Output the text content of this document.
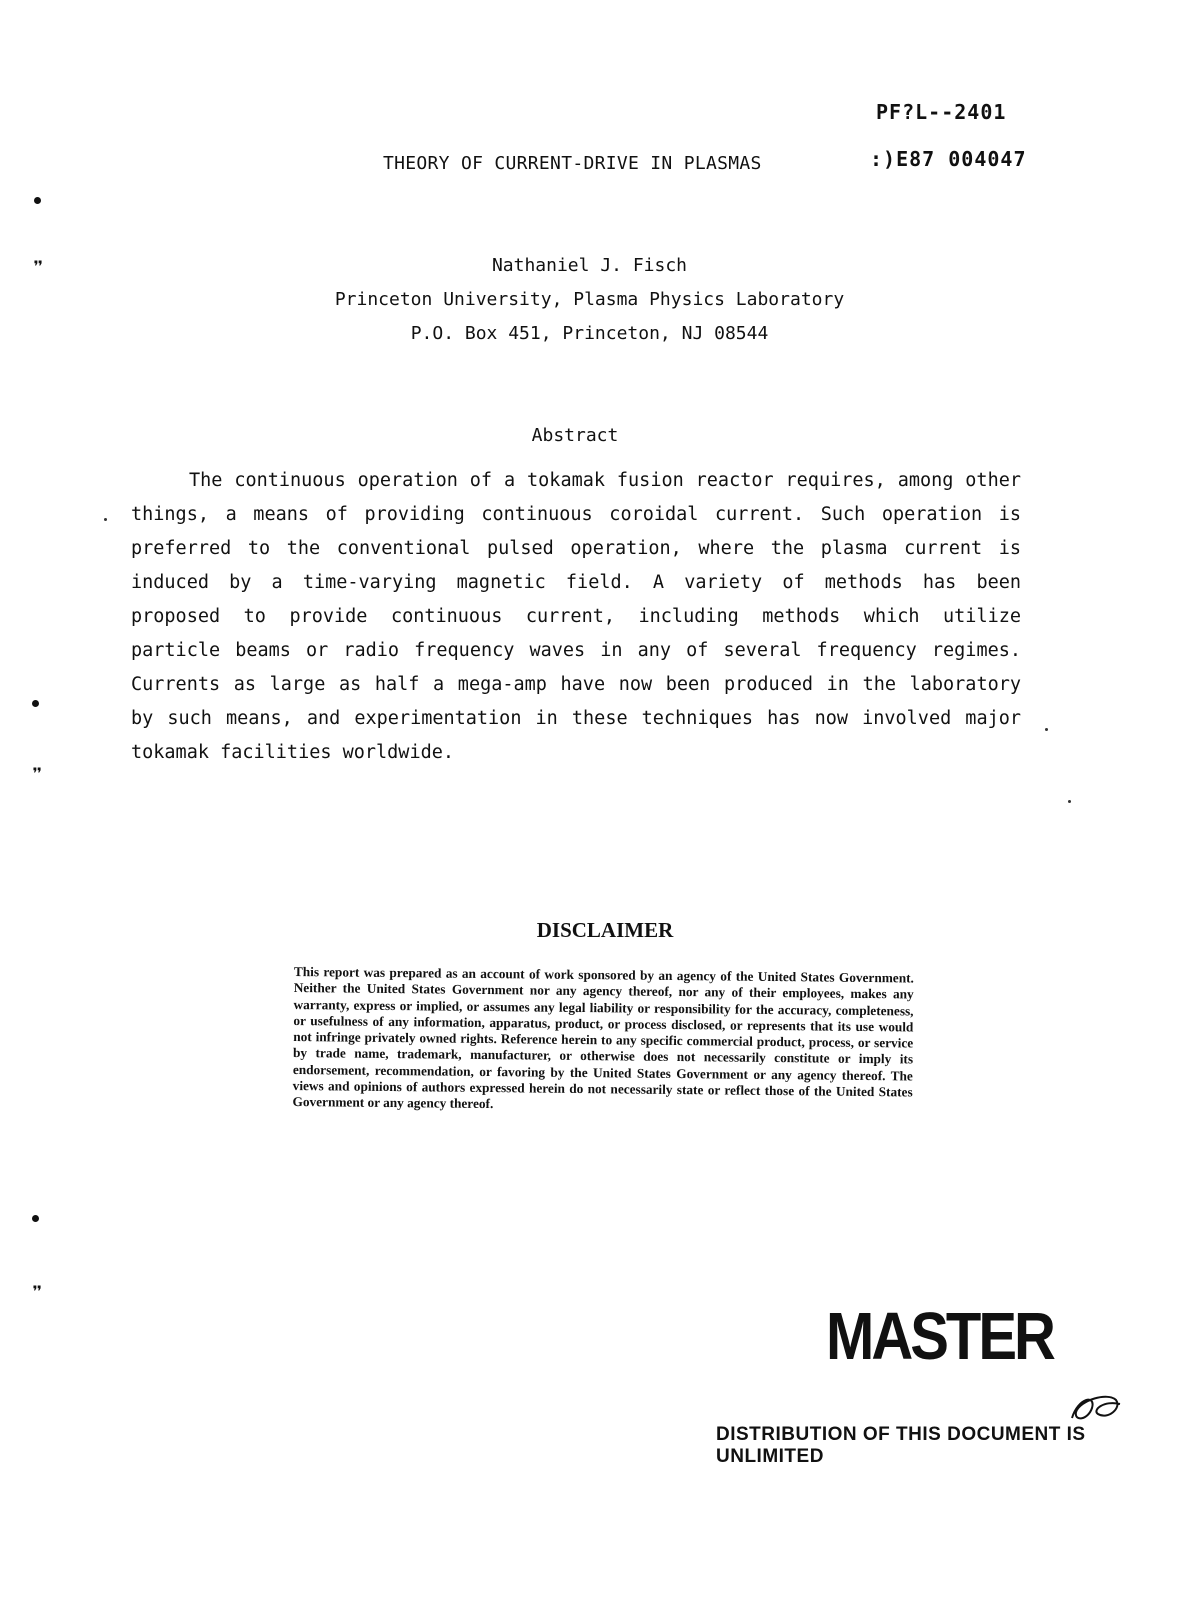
PF?L--2401
:)E87 004047
THEORY OF CURRENT-DRIVE IN PLASMAS
Nathaniel J. Fisch
Princeton University, Plasma Physics Laboratory
P.O. Box 451, Princeton, NJ 08544
Abstract

The continuous operation of a tokamak fusion reactor requires, among other things, a means of providing continuous coroidal current. Such operation is preferred to the conventional pulsed operation, where the plasma current is induced by a time-varying magnetic field. A variety of methods has been proposed to provide continuous current, including methods which utilize particle beams or radio frequency waves in any of several frequency regimes. Currents as large as half a mega-amp have now been produced in the laboratory by such means, and experimentation in these techniques has now involved major tokamak facilities worldwide.

DISCLAIMER

This report was prepared as an account of work sponsored by an agency of the United States Government. Neither the United States Government nor any agency thereof, nor any of their employees, makes any warranty, express or implied, or assumes any legal liability or responsibility for the accuracy, completeness, or usefulness of any information, apparatus, product, or process disclosed, or represents that its use would not infringe privately owned rights. Reference herein to any specific commercial product, process, or service by trade name, trademark, manufacturer, or otherwise does not necessarily constitute or imply its endorsement, recommendation, or favoring by the United States Government or any agency thereof. The views and opinions of authors expressed herein do not necessarily state or reflect those of the United States Government or any agency thereof.

MASTER
DISTRIBUTION OF THIS DOCUMENT IS UNLIMITED
❞
❞
❞
